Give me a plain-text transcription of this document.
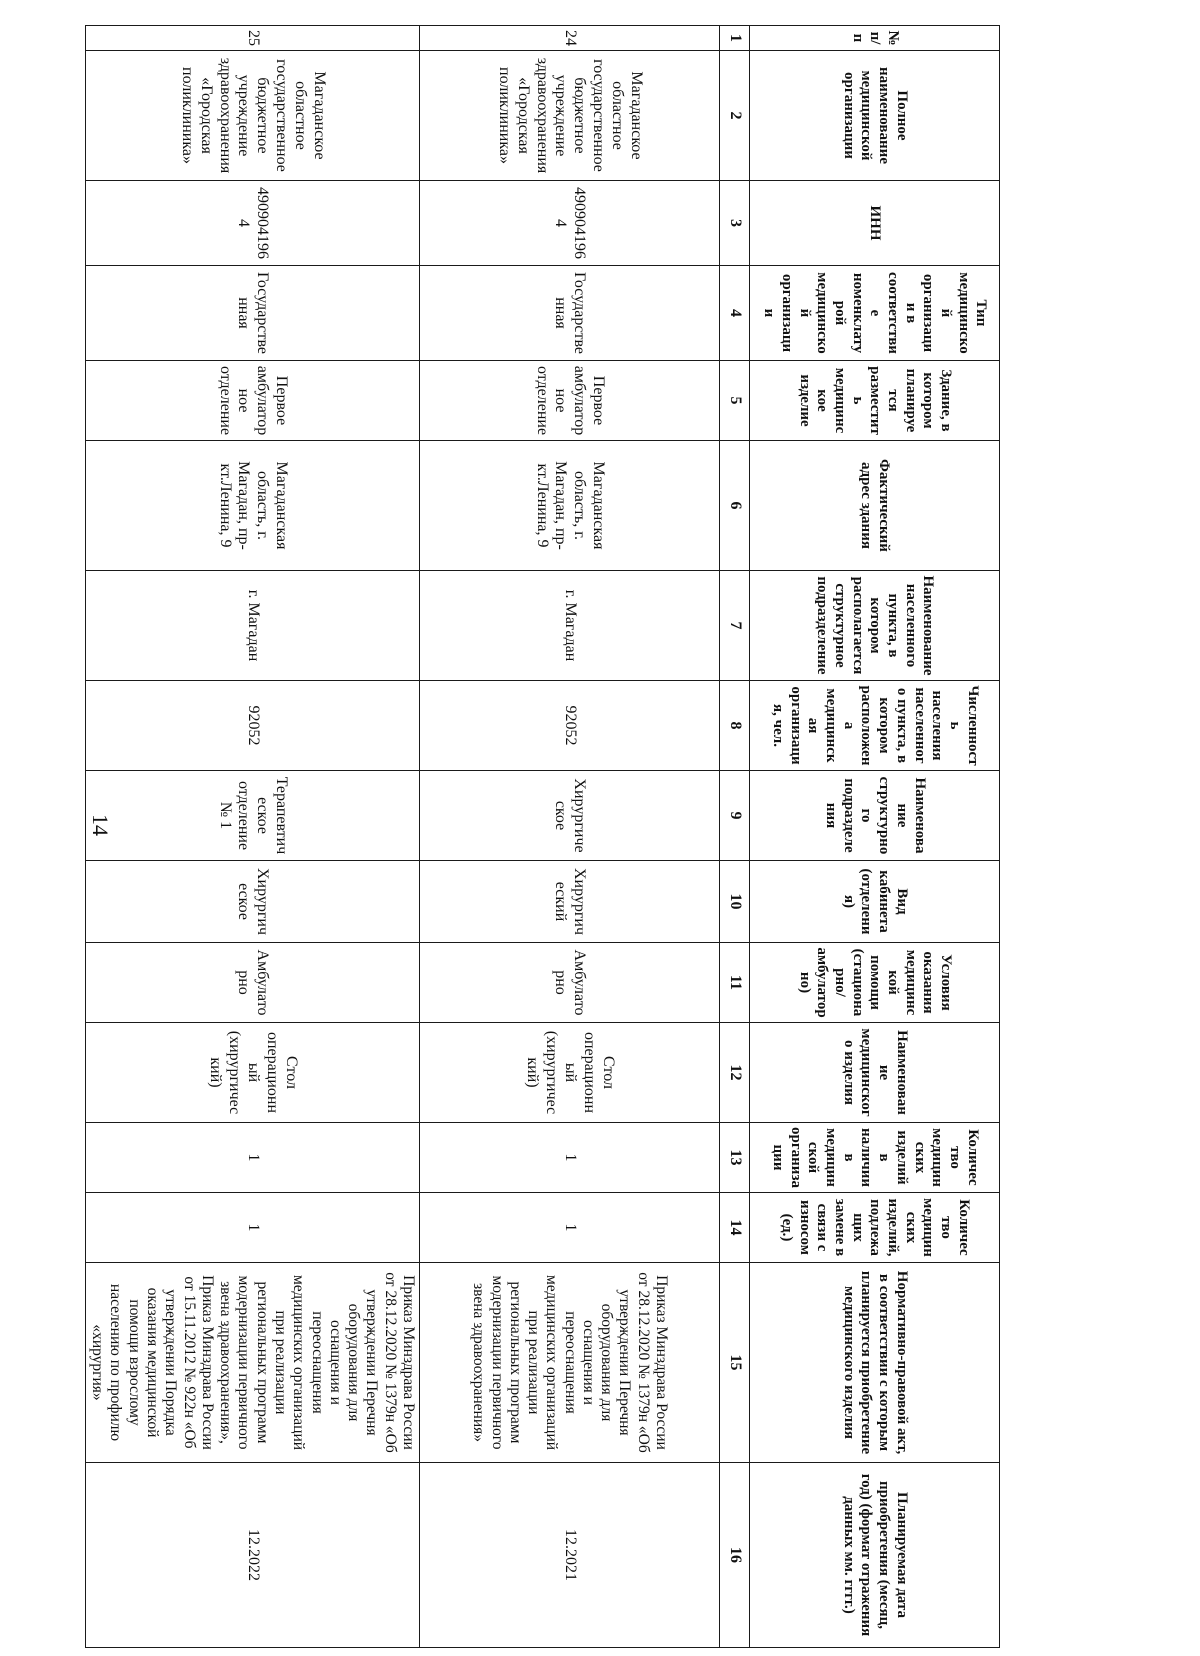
14
№ п/п	Полное наименование медицинской организации	ИНН	Тип медицинской организации в соответствие номенклатурой медицинской организации	Здание, в котором планируется разместить медицинское изделие	Фактический адрес здания	Наименование населенного пункта, в котором располагается структурное подразделение	Численность населения населенного пункта, в котором расположена медицинская организация, чел.	Наименование структурного подразделения	Вид кабинета (отделения)	Условия оказания медицинской помощи (стационарно/ амбулаторно)	Наименование медицинского изделия	Количество медицинских изделий в наличии в медицинской организации	Количество медицинских изделий, подлежащих замене в связи с износом (ед.)	Нормативно-правовой акт, в соответствии с которым планируется приобретение медицинского изделия	Планируемая дата приобретения (месяц, год) (формат отражения данных мм. гггг.)
1	2	3	4	5	6	7	8	9	10	11	12	13	14	15	16
24	Магаданское областное государственное бюджетное учреждение здравоохранения «Городская поликлиника»	4909041964	Государственная	Первое амбулаторное отделение	Магаданская область, г. Магадан, пр-кт.Ленина, 9	г. Магадан	92052	Хирургическое	Хирургический	Амбулаторно	Стол операционный (хирургический)	1	1	Приказ Минздрава России от 28.12.2020 № 1379н «Об утверждении Перечня оборудования для оснащения и переоснащения медицинских организаций при реализации региональных программ модернизации первичного звена здравоохранения»	12.2021
25	Магаданское областное государственное бюджетное учреждение здравоохранения «Городская поликлиника»	4909041964	Государственная	Первое амбулаторное отделение	Магаданская область, г. Магадан, пр-кт.Ленина, 9	г. Магадан	92052	Терапевтическое отделение № 1	Хирургическое	Амбулаторно	Стол операционный (хирургический)	1	1	Приказ Минздрава России от 28.12.2020 № 1379н «Об утверждении Перечня оборудования для оснащения и переоснащения медицинских организаций при реализации региональных программ модернизации первичного звена здравоохранения», Приказ Минздрава России от 15.11.2012 № 922н «Об утверждении Порядка оказания медицинской помощи взрослому населению по профилю «хирургия»	12.2022
